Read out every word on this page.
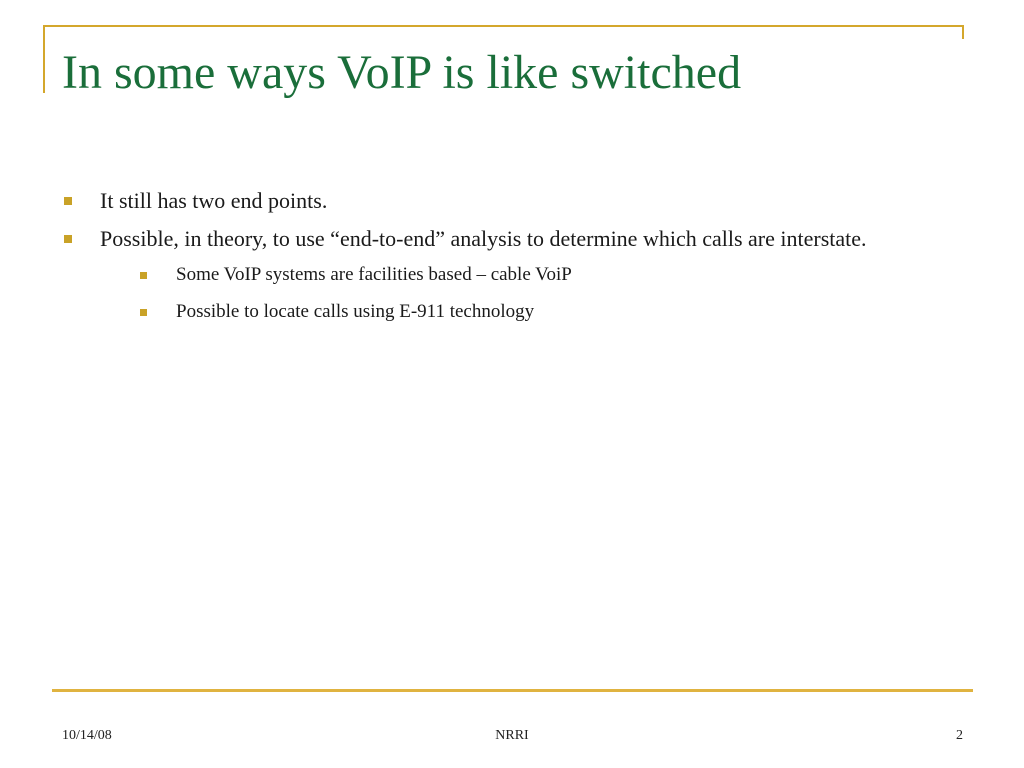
In some ways VoIP is like switched
It still has two end points.
Possible, in theory, to use “end-to-end” analysis to determine which calls are interstate.
Some VoIP systems are facilities based – cable VoiP
Possible to locate calls using E-911 technology
10/14/08	NRRI	2
